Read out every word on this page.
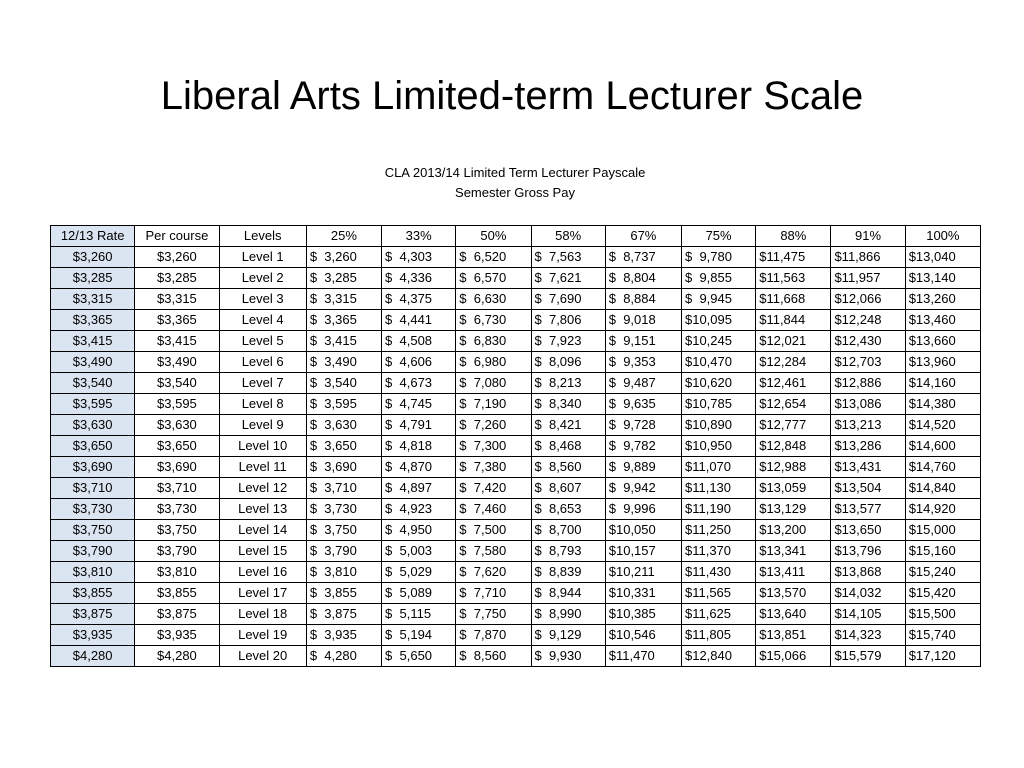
Liberal Arts Limited-term Lecturer Scale
CLA 2013/14 Limited Term Lecturer Payscale
Semester Gross Pay
12/13 Rate	Per course	Levels	25%	33%	50%	58%	67%	75%	88%	91%	100%
$3,260	$3,260	Level 1	$  3,260	$  4,303	$  6,520	$  7,563	$  8,737	$  9,780	$11,475	$11,866	$13,040
$3,285	$3,285	Level 2	$  3,285	$  4,336	$  6,570	$  7,621	$  8,804	$  9,855	$11,563	$11,957	$13,140
$3,315	$3,315	Level 3	$  3,315	$  4,375	$  6,630	$  7,690	$  8,884	$  9,945	$11,668	$12,066	$13,260
$3,365	$3,365	Level 4	$  3,365	$  4,441	$  6,730	$  7,806	$  9,018	$10,095	$11,844	$12,248	$13,460
$3,415	$3,415	Level 5	$  3,415	$  4,508	$  6,830	$  7,923	$  9,151	$10,245	$12,021	$12,430	$13,660
$3,490	$3,490	Level 6	$  3,490	$  4,606	$  6,980	$  8,096	$  9,353	$10,470	$12,284	$12,703	$13,960
$3,540	$3,540	Level 7	$  3,540	$  4,673	$  7,080	$  8,213	$  9,487	$10,620	$12,461	$12,886	$14,160
$3,595	$3,595	Level 8	$  3,595	$  4,745	$  7,190	$  8,340	$  9,635	$10,785	$12,654	$13,086	$14,380
$3,630	$3,630	Level 9	$  3,630	$  4,791	$  7,260	$  8,421	$  9,728	$10,890	$12,777	$13,213	$14,520
$3,650	$3,650	Level 10	$  3,650	$  4,818	$  7,300	$  8,468	$  9,782	$10,950	$12,848	$13,286	$14,600
$3,690	$3,690	Level 11	$  3,690	$  4,870	$  7,380	$  8,560	$  9,889	$11,070	$12,988	$13,431	$14,760
$3,710	$3,710	Level 12	$  3,710	$  4,897	$  7,420	$  8,607	$  9,942	$11,130	$13,059	$13,504	$14,840
$3,730	$3,730	Level 13	$  3,730	$  4,923	$  7,460	$  8,653	$  9,996	$11,190	$13,129	$13,577	$14,920
$3,750	$3,750	Level 14	$  3,750	$  4,950	$  7,500	$  8,700	$10,050	$11,250	$13,200	$13,650	$15,000
$3,790	$3,790	Level 15	$  3,790	$  5,003	$  7,580	$  8,793	$10,157	$11,370	$13,341	$13,796	$15,160
$3,810	$3,810	Level 16	$  3,810	$  5,029	$  7,620	$  8,839	$10,211	$11,430	$13,411	$13,868	$15,240
$3,855	$3,855	Level 17	$  3,855	$  5,089	$  7,710	$  8,944	$10,331	$11,565	$13,570	$14,032	$15,420
$3,875	$3,875	Level 18	$  3,875	$  5,115	$  7,750	$  8,990	$10,385	$11,625	$13,640	$14,105	$15,500
$3,935	$3,935	Level 19	$  3,935	$  5,194	$  7,870	$  9,129	$10,546	$11,805	$13,851	$14,323	$15,740
$4,280	$4,280	Level 20	$  4,280	$  5,650	$  8,560	$  9,930	$11,470	$12,840	$15,066	$15,579	$17,120
